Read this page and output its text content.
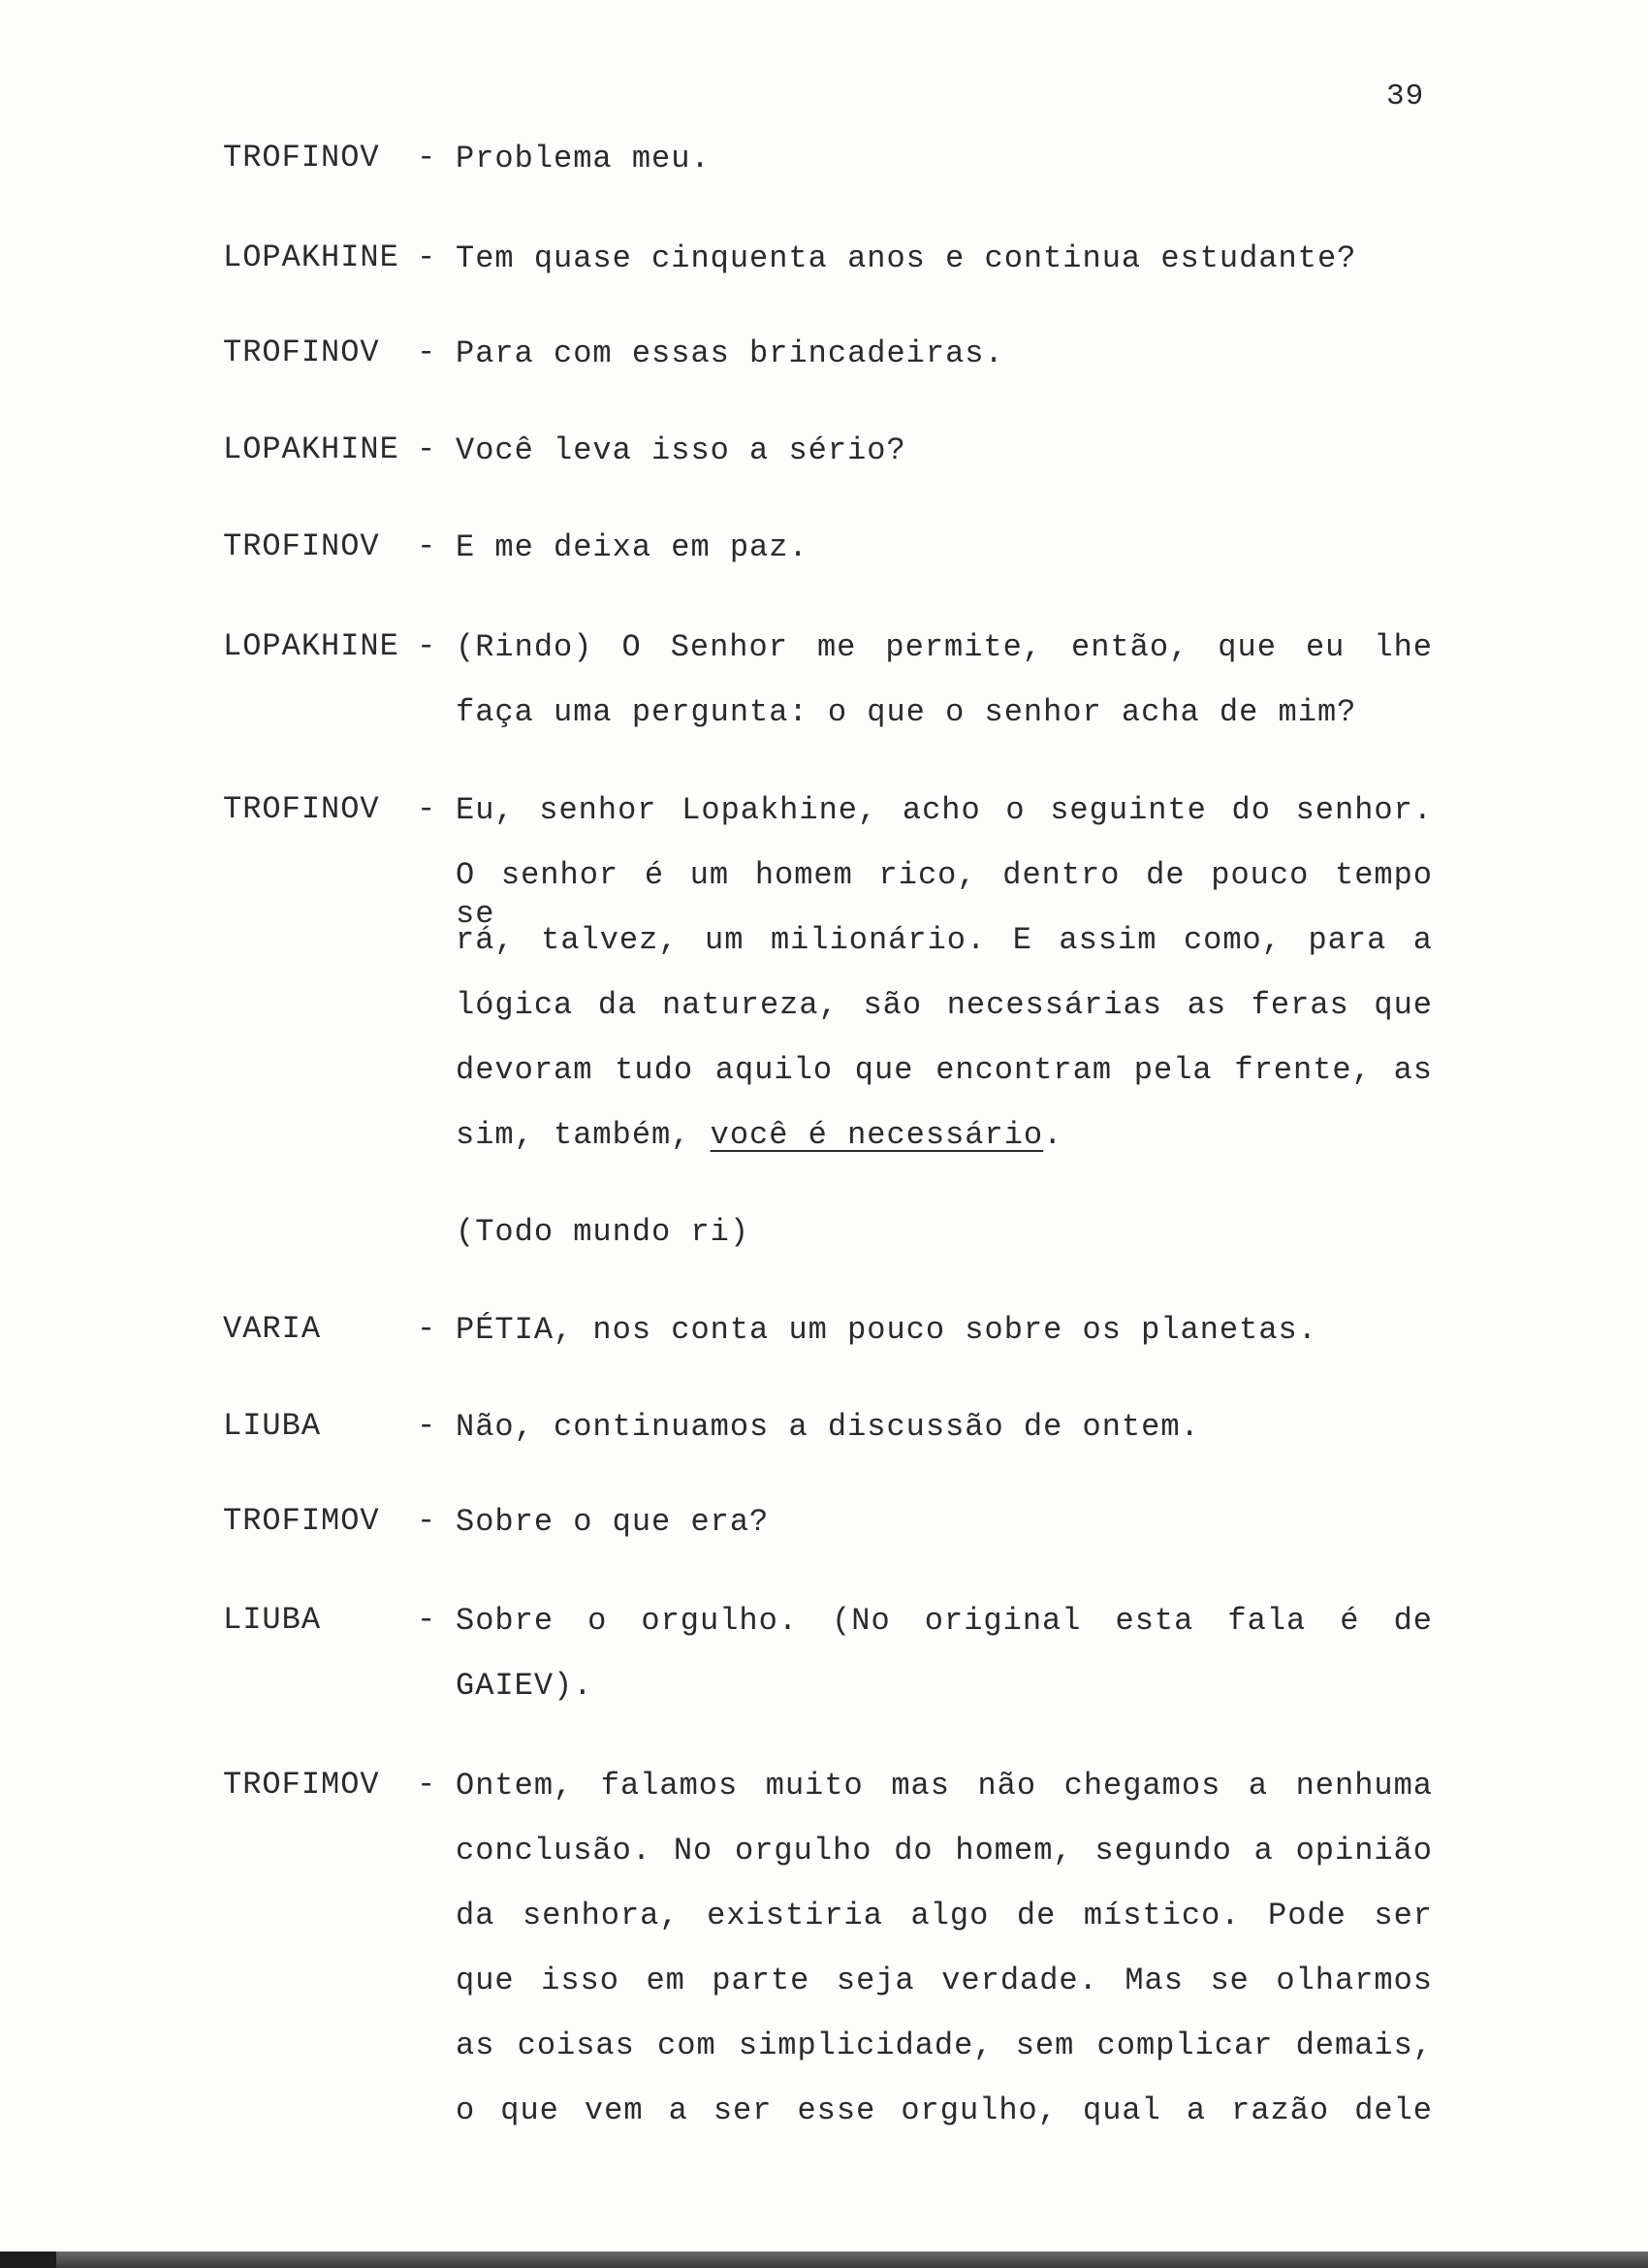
39
TROFINOV	- Problema meu.
LOPAKHINE - Tem quase cinquenta anos e continua estudante?
TROFINOV	- Para com essas brincadeiras.
LOPAKHINE - Você leva isso a sério?
TROFINOV	- E me deixa em paz.
LOPAKHINE - (Rindo) O Senhor me permite, então, que eu lhe
faça uma pergunta: o que o senhor acha de mim?
TROFINOV	- Eu, senhor Lopakhine, acho o seguinte do senhor.
O senhor é um homem rico, dentro de pouco tempo se
rá, talvez, um milionário. E assim como, para a
lógica da natureza, são necessárias as feras que
devoram tudo aquilo que encontram pela frente, as
sim, também, você é necessário.
(Todo mundo ri)
VARIA	- PÉTIA, nos conta um pouco sobre os planetas.
LIUBA	- Não, continuamos a discussão de ontem.
TROFIMOV	- Sobre o que era?
LIUBA	- Sobre o orgulho. (No original esta fala é de
GAIEV).
TROFIMOV	- Ontem, falamos muito mas não chegamos a nenhuma
conclusão. No orgulho do homem, segundo a opinião
da senhora, existiria algo de místico. Pode ser
que isso em parte seja verdade. Mas se olharmos
as coisas com simplicidade, sem complicar demais,
o que vem a ser esse orgulho, qual a razão dele
